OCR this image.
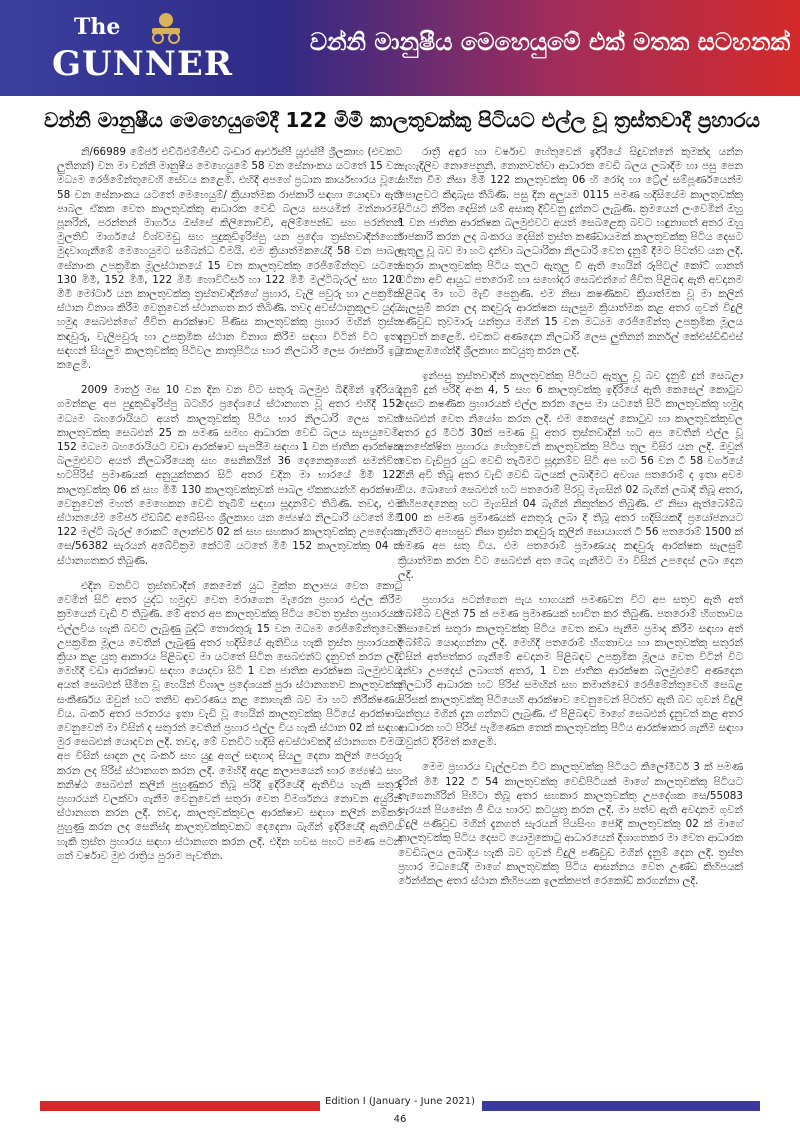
The
GUNNER
වන්නි මානුෂීය මෙහෙයුමේ එක් මතක සටහනක්
වන්නි මානුෂීය මෙහෙයුමේදී 122 මිමී කාලතුවක්කු පිටියට එල්ල වූ ත්‍රස්තවාදී ප්‍රහාරය

නි/66989 මේජර් එච්බීඑම්ජීඑච් බංඩාර ආර්එස්පී යූඑස්පී ශ්‍රීලකාහ (එවකට ලුතිනන්) වන මා වන්නි මානුෂීය මෙහෙයුමේ 58 වන සේනාංකය යටතේ 15 වන මධ්‍යම රෙජිමේන්තුවෙහි සේවය කළෙමි. එහිදී අපගේ ප්‍රධාන කාර්යභාරය වූයේ 58 වන සේනාංකය යටතේ මෙහෙයුම්/ ක්‍රියාත්මක රාජකාරි සඳහා යොදවා ඇති පාබල ඒකක වෙත කාලතුවක්කු ආධාරක වෙඩි බලය සපයමින් මන්නාරම, පූනරින්, පරන්තන් මාර්ගය ඔස්සේ කිලිනොච්චි, අලිම්පෙන්ඩ සහ පරන්තන් මුලතිව් මාර්ගයේ විශ්වමඩු සහ පුදුකුඩිඉරිප්පු යන ප්‍රදේශ ත්‍රස්තවාදීන්ගෙන් මුදවාගැනීමේ මෙහෙයුමට සම්බන්ධ වීමයි. එම ක්‍රියාත්මකයේදී 58 වන පාබල සේනාංක උපක්‍රමික මූලස්ථානයේ 15 වන කාලතුවක්කු රෙජිමේන්තුව යටතේ 130 මිමී, 152 මිමී, 122 මිමී හොවිට්සර් හා 122 මිමී මල්ටිබැරල් සහ 120 මිමී මෝටාර් යන කාලතුවක්කු ත්‍රස්තවාදීන්ගේ ප්‍රහාර, වැලි පවුරු හා උපක්‍රමික ස්ථාන විනාශ කිරීම වෙනුවෙන් ස්ථානගත කර තිබිණි. තවද අවස්ථානුකූලව යුද්ධ හමුදා සෙබළුන්ගේ ජීවිත ආරක්ෂාව පිණිස කාලතුවක්කු ප්‍රහාර මඟින් ත්‍රස්ත කඳවුරු, වැලිපවුරු හා උපක්‍රමික ස්ථාන විනාශ කිරීම සඳහා විටින් විට ඉතා සඳහන් සියලුම කාලතුවක්කු පිටිවල කාතුපිටිය භාර නිලධාරි ලෙස රාජකාරි ඉටු කළෙමි.

2009 මාර්තු මස 10 වන දින වන විට සතුරු බලමුළු බිඳිමින් ඉදිරියට ගමන්කළ අප පුදුකුඩිඉරිප්පු බටහිර ප්‍රදේශයේ ස්ථානගත වූ අතර එහිදී 152 මධ්‍යම බහරොයියට අයත් කාලතුවක්කු පිටිය භාර නිලධාරි ලෙස තවත් කාලතුවක්කු සෙබළුන් 25 ක පමණ සමඟ ආධාරක වෙඩි බලය සැපයුවෙමි. 152 මධ්‍යම බහරොයියට වඩා ආරක්ෂාව සැපයීම සඳහා 1 වන ජාතික ආරක්ෂක බලමුළුවට අයත් නිලධාරියෙකු සහ සෙනිකයින් 36 දෙනෙකුගෙන් සමන්විත භටපිරිස් ප්‍රමාණයක් අනුයුක්තකර සිටි අතර වදින මා භාරයේ මිමී 122 කාලතුවක්කු 06 ක් සහ මිමී 130 කාලතුවක්කුවක් පාබල ඒකකයන්හි ආරක්ෂාව වෙනුවෙන් මහත් මෙහෙකන වෙඩි තැබීම් සඳහා සූදානම්ව තිබිණි. තවද, එම ස්ථානයේම මේජර් ඒඩබ්ඩී අබේසිංහ ශ්‍රීලකාහ යන ජ්‍යෙෂ්ඨ නිලධාරි යටතේ මිමී 122 මල්ටි බැරල් රොකට් ලොන්චර් 02 ක් සහ සහකාර කාලතුවක්කු උපදේශක සෙ/56382 සැරයන් අබේවික්‍රම කේටම් යටතේ මිමී 152 කාලතුවක්කු 04 ක් ස්ථානගතකර තිබුණි.

එදින වනවිට ත්‍රස්තවාදීන් කෙමෙන් යුධ මුක්ත කලාපය වෙත කොටු වෙමින් සිටි අතර යුද්ධ හමුදාව වෙත මරාගෙන මැරෙන ප්‍රහාර එල්ල කිරීම ක්‍රමයෙන් වැඩි වී තිබුණි. මේ අතර අප කාලතුවක්කු පිටිය වෙත ත්‍රස්ත ප්‍රහාරයක් එල්ලවිය හැකි බවට ලැබුණු බුද්ධි තොරතුරු 15 වන මධ්‍යම රෙජිමේන්තුවෙහි උපක්‍රමික මූලය වෙතින් ලැබුණු අතර හදිසියේ ඇතිවිය හැකි ත්‍රස්ත ප්‍රහාරයකදී ක්‍රියා කළ යුතු ආකාරය පිළිබඳව මා යටතේ සිටින සෙබළුන්ට දැනුවත් කරන ලදී. මෙහිදී වඩා ආරක්ෂාව සඳහා යොදවා සිටි 1 වන ජාතික ආරක්ෂක බලමුළුවට අයත් සෙබළුන් සීමිත වූ හෙයින් විශාල ප්‍රදේශයක් පුරා ස්ථානගතව කාලතුවක්කු සංකීර්ණය ඔවුන් හට තනිව ආවරණය කළ නොහැකි බව මා හට නිරීක්ෂණය විය. බංකර් අතර පරතරය ඉතා වැඩි වූ හෙයින් කාලතුවක්කු පිටියේ ආරක්ෂාව වෙනුවෙන් මා විසින් ද සතුරන් වෙතින් ප්‍රහාර එල්ල විය හැකි ස්ථාන 02 ක් සඳහා මුර සෙබළුන් යොදවන ලදී. තවද, මේ වනවිට හදිසි අවස්ථාවකදී ස්ථානගත වීමට අප විසින් සාදන ලද බංකර් සහ යුදු අගල් සඳහාද සියලු දෙනා කලින් පෙරහුරු කරන ලද පිරිස් ස්ථානගත කරන ලදී. මෙහිදී අදාළ කලාපයෙන් භාර ජ්‍යෙෂ්ඨ සහ කනිෂ්ඨ සෙබළුන් කලින් පුහුණුකර තිබූ පරිදි ඉදිරියේදී ඇතිවිය හැකි සතුරු ප්‍රහාරයන් වලක්වා ගැනීම වෙනුවෙන් සතුරා වෙත විමර්ශනය නොවන අයුරින් ස්ථානගත කරන ලදී. තවද, කාලතුවක්කුවල ආරක්ෂාව සඳහා කලින් නම්කර පුහුණු කරන ලද සෙනිස්ද කාලතුවක්කුවකට දෙදෙනා බැගින් ඉදිරියේදී ඇතිවිය හැකි ත්‍රස්ත ප්‍රහාරය සඳහා ස්ථානගත කරන ලදී. එදින හවස පහට පමණ පටන් ගත් වර්ෂාව මුළු රාත්‍රිය පුරාම පැවතින.

රාත්‍රී අඳුර හා වර්ෂාව හේතුවෙන් ඉදිරියේ සිදුවන්නේ කුමක්ද යන්න පැහැදිලිව නොපෙනුනි. නොනවත්වා ආධාරක වෙඩි බලය ලබාදීම හා පසු පෙන සහිත වීම නිසා මිමී 122 කාලතුවක්කු 06 හි රෝද හා ට්‍රේල් සම්පූර්ණයෙන්ම පොළවට කිඳාබැස තිබිණි. පසු දින අලුයම 0115 පමණ හදිසියේම කාලතුවක්කු පිටියට නිරිත දෙසින් යම් අසාකු දිව්වනු දුන්නට ලැබුණි. ක්‍රමයෙන් ලංවෙමින් ඔහු 1 වන ජාතික ආරක්ෂක බලමුළුවට අයත් සෙබළෙකු බවට හඳුනාගත් අතර ඔහු රාජකාරි කරන ලද බංකරය දෙසින් ත්‍රස්ත කණ්ඩායමක් කාලතුවක්කු පිටිය දෙසට ඇතුලු වූ බව මා හට දන්වා බලධාරිකා නිලධාරි වෙත දැනුම් දීමට පිටත්ව යන ලදී. සතුරා කාලතුවක්කු පිටිය තුලට ඇතුලු වී ඇති හෙයින් රූපිටල් කෝට් ගානත් වටිනා අවි ආයුධ පතරොම් හා සහෝදර සෙබළුන්ගේ ජීවිත පිළිබඳ ඇති අවදානම පිළිබඳ මා හට මැවී පෙනුණි. එම නිසා කෂණිකව ක්‍රියාත්මක වූ මා කලින් සැලසුම් කරන ලද කඳවුරු ආරක්ෂක සැලසුම ක්‍රියාත්මක කළ අතර ගුවන් විදුලි පණිවුඩ තුවමාරු යන්ත්‍රය මගින් 15 වන මධ්‍යම රෙජිමේන්තු උපක්‍රමික මූලය දැනුවත් කළෙමි. එවකට අණදෙන නිලධාරි ලෙස ලුතිනන් කර්නල් කේඑස්ඩිඩීඑස් කොළඹගේන්දී ශ්‍රීලකාහ කටයුතු කරන ලදී.

ඉන්පසු ත්‍රස්තවාදීන් කාලතුවක්කු පිටියට ඇතුලු වූ බව දැනුම් දුන් සෙබළා දැනුම් දුන් පරිදි අංක 4, 5 සහ 6 කාලතුවක්කු ඉදිරියේ ඇති කෙසෙල් කොටුව දෙසට කෂණික ප්‍රහාරයක් එල්ල කරන ලෙස මා යටතේ සිටි කාලතුවක්කු හමුදා සෙබළුන් වෙත නියෝග කරන ලදී. එම කෙසෙල් කොටුව හා කාලතුවක්කුවල අතර දුර මීටර් 30ක් පමණ වූ අතර ත්‍රස්තවාදීන් හට අප වෙතින් එල්ල වූ අනපේක්ෂිත ප්‍රහාරය හේතුවෙන් කාලතුවක්කු පිටිය තුල විසිර යන ලදී. ඔවුන් වෙත වැඩිපුර යුධ වෙඩි තැබීමට සූදානම්ව සිටි අප හට 56 වන ටී 58 වර්ගයේ ගිනි අවි තිබූ අතර වැඩි වෙඩි බලයක් ලබාදීමට අවශ්‍ය පතරොම් ද ඉතා අවම විය. බොහෝ සෙබළුන් හට පතරොම් පිරවූ මැගසින් 02 බැගින් ලබාදී තිබූ අතර, කිහිපදෙනෙකු හට මැගසින් 04 බැගින් නිකුත්කර තිබුණි. ඒ නිසා ඇත්බෝම්බ 100 ක පමණ ප්‍රමාණයක් අනතුරු ලබා දී තිබූ අතර හදිසියකදී ප්‍රයෝජනයට ගැනීමට අපහසුව නිසා ත්‍රස්ත කඳවුරු කුලින් සොයාගත් ටී 56 පතරොම් 1500 ක් පමණ අප සතු විය. එම පතරොම් ප්‍රමාණයද කඳවුරු ආරක්ෂක සැලසුම් ක්‍රියාත්මක කරන විට සෙබළුන් අත බෙදා ගැනීමට මා විසින් උපදෙස් ලබා දෙන ලදී.

ප්‍රහාරය පටන්ගෙන පැය භාගයක් පමණවන විට අප සතුව ඇති අත් බෝම්බ වලින් 75 ක් පමණ ප්‍රමාණයක් භාවිත කර තිබුණි. පතරොම් හිගතාවය නිසාවෙන් සතුරා කාලතුවක්කු පිටිය වෙත කඩා පැනීම ප්‍රමාද කිරීම සඳහා අත් බෝම්බ යොදාගන්නා ලදී. මෙහිදී පතරොම් හිගතාවය හා කාලතුවක්කු සතුරන් විසින් අත්පත්කර ගැනීමේ අවදානම පිළිබඳව උපක්‍රමික මූලය වෙත විටින් විට දන්වා උපදෙස් ලබාගත් අතර, 1 වන ජාතික ආරක්ෂක බලමුළුවේ අණදෙන නිලධාරි ආධාරක හට පිරිස් සමඟින් සහ කමාන්ඩෝ රෙජිමේන්තුවෙහි සෙබළ පිරිසක් කාලතුවක්කු පිටියෙහි ආරක්ෂාව වෙනුවෙන් පිටත්ව ඇති බව ගුවන් විදුලි යන්ත්‍රය මගින් දැන ගන්නට ලැබුණි. ඒ පිළිබඳව මාගේ සෙබළුන් දැනුවත් කළ අතර ආධාරක හට පිරිස් පැමිණෙන තෙක් කාලතුවක්කු පිටිය ආරක්ෂාකර ගැනීම සඳහා ඔවුන්ට දිරිමත් කළෙමි.

මෙම ප්‍රහාරය වැල්ලවන විට කාලතුවක්කු පිටියට කිලෝමීටර් 3 ක් පමණ දුරින් මිමී 122 ටී 54 කාලතුවක්කු වෙඩිපිටියක් මාගේ කාලතුවක්කු පිටියට නැගෙනහිරින් පිහිටා තිබූ අතර සහකාර කාලතුවක්කු උපදේශක සෙ/55083 සැරයන් පියසේන ජී ඩිය භාරව කටයුතු කරන ලදී. මා පත්ව ඇති අවදානම ගුවන් විදුලි පණිවුඩ මගින් දැනගත් සැරයන් පියසිංහ ජෝදි කාලතුවක්කු 02 ක් මාගේ කාලතුවක්කු පිටිය දෙසට යොමුකොටු ආධාරයෙන් දිශාගතකර මා වෙත ආධාරක වෙඩිබලය ලබාදිය හැකි බව ගුවන් විදුලි පණිවුඩ මගින් දැනුම් දෙන ලදී. ත්‍රස්ත ප්‍රහාර මධ්‍යයේදී මාගේ කාලතුවක්කු පිටිය ආසන්නය වෙත උණ්ඩ කිහිපයක් රේන්ජ්කල අතර ස්ථාන කිහිපයක ඉලක්කපත් රෙකෝඩ් කරගන්නා ලදී.

Edition I (January - June 2021)
46
